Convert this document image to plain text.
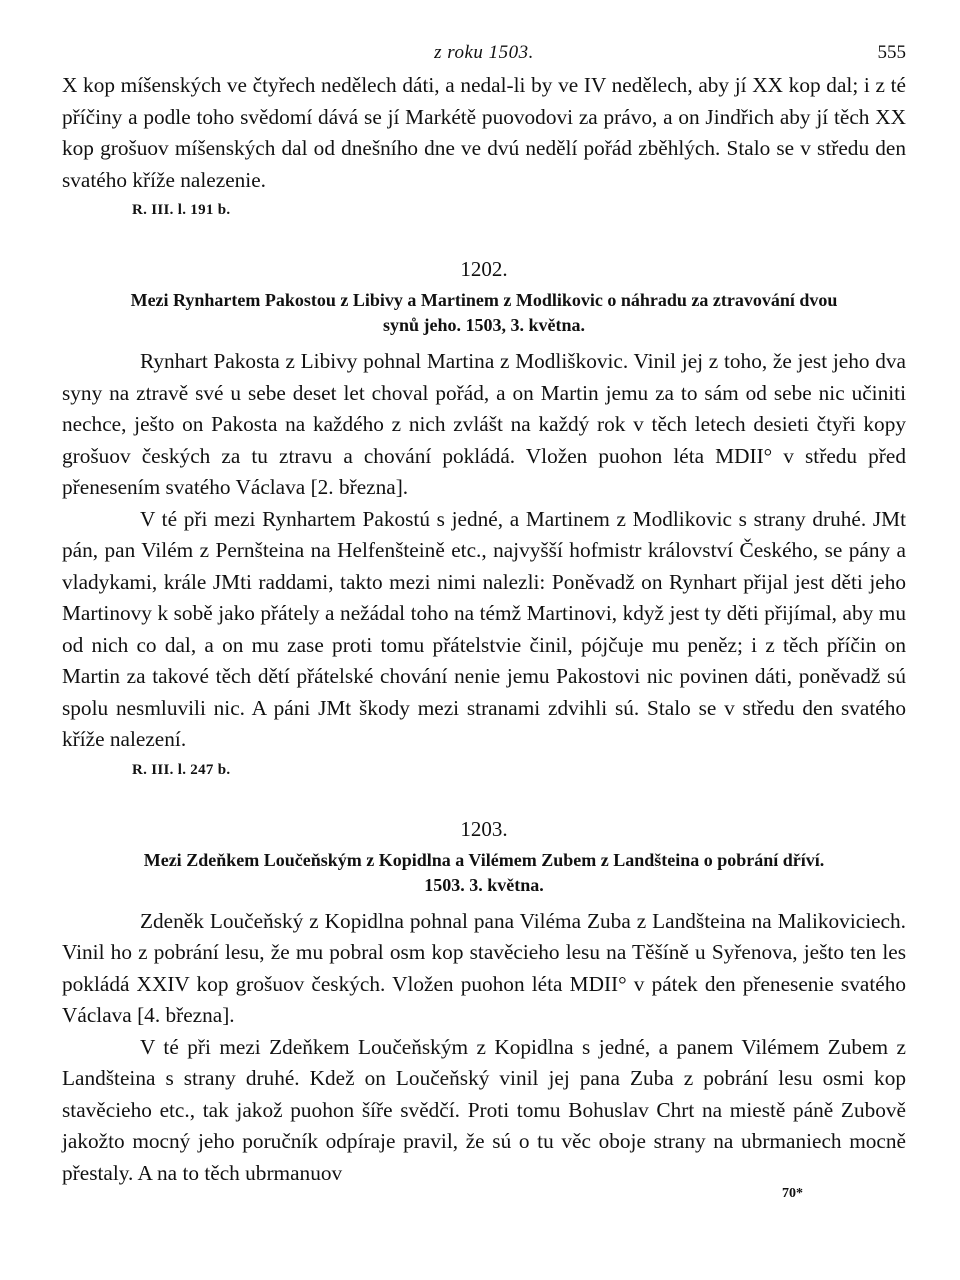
z roku 1503.	555

X kop míšenských ve čtyřech nedělech dáti, a nedal-li by ve IV nedělech, aby jí XX kop dal; i z té příčiny a podle toho svědomí dává se jí Markétě puovodovi za právo, a on Jindřich aby jí těch XX kop grošuov míšenských dal od dnešního dne ve dvú nedělí pořád zběhlých. Stalo se v středu den svatého kříže nalezenie.

R. III. l. 191 b.
1202.
Mezi Rynhartem Pakostou z Libivy a Martinem z Modlikovic o náhradu za ztravování dvou
synů jeho. 1503, 3. května.

Rynhart Pakosta z Libivy pohnal Martina z Modliškovic. Vinil jej z toho, že jest jeho dva syny na ztravě své u sebe deset let choval pořád, a on Martin jemu za to sám od sebe nic učiniti nechce, ješto on Pakosta na každého z nich zvlášt na každý rok v těch letech desieti čtyři kopy grošuov českých za tu ztravu a chování pokládá. Vložen puohon léta MDII° v středu před přenesením svatého Václava [2. března].

V té při mezi Rynhartem Pakostú s jedné, a Martinem z Modlikovic s strany druhé. JMt pán, pan Vilém z Pernšteina na Helfenšteině etc., najvyšší hofmistr království Českého, se pány a vladykami, krále JMti raddami, takto mezi nimi nalezli: Poněvadž on Rynhart přijal jest děti jeho Martinovy k sobě jako přátely a nežádal toho na témž Martinovi, když jest ty děti přijímal, aby mu od nich co dal, a on mu zase proti tomu přátelstvie činil, pójčuje mu peněz; i z těch příčin on Martin za takové těch dětí přátelské chování nenie jemu Pakostovi nic povinen dáti, poněvadž sú spolu nesmluvili nic. A páni JMt škody mezi stranami zdvihli sú. Stalo se v středu den svatého kříže nalezení.

R. III. l. 247 b.
1203.
Mezi Zdeňkem Loučeňským z Kopidlna a Vilémem Zubem z Landšteina o pobrání dříví.
1503. 3. května.

Zdeněk Loučeňský z Kopidlna pohnal pana Viléma Zuba z Landšteina na Malikoviciech. Vinil ho z pobrání lesu, že mu pobral osm kop stavěcieho lesu na Těšíně u Syřenova, ješto ten les pokládá XXIV kop grošuov českých. Vložen puohon léta MDII° v pátek den přenesenie svatého Václava [4. března].

V té při mezi Zdeňkem Loučeňským z Kopidlna s jedné, a panem Vilémem Zubem z Landšteina s strany druhé. Kdež on Loučeňský vinil jej pana Zuba z pobrání lesu osmi kop stavěcieho etc., tak jakož puohon šíře svědčí. Proti tomu Bohuslav Chrt na miestě páně Zubově jakožto mocný jeho poručník odpíraje pravil, že sú o tu věc oboje strany na ubrmaniech mocně přestaly. A na to těch ubrmanuov

70*
